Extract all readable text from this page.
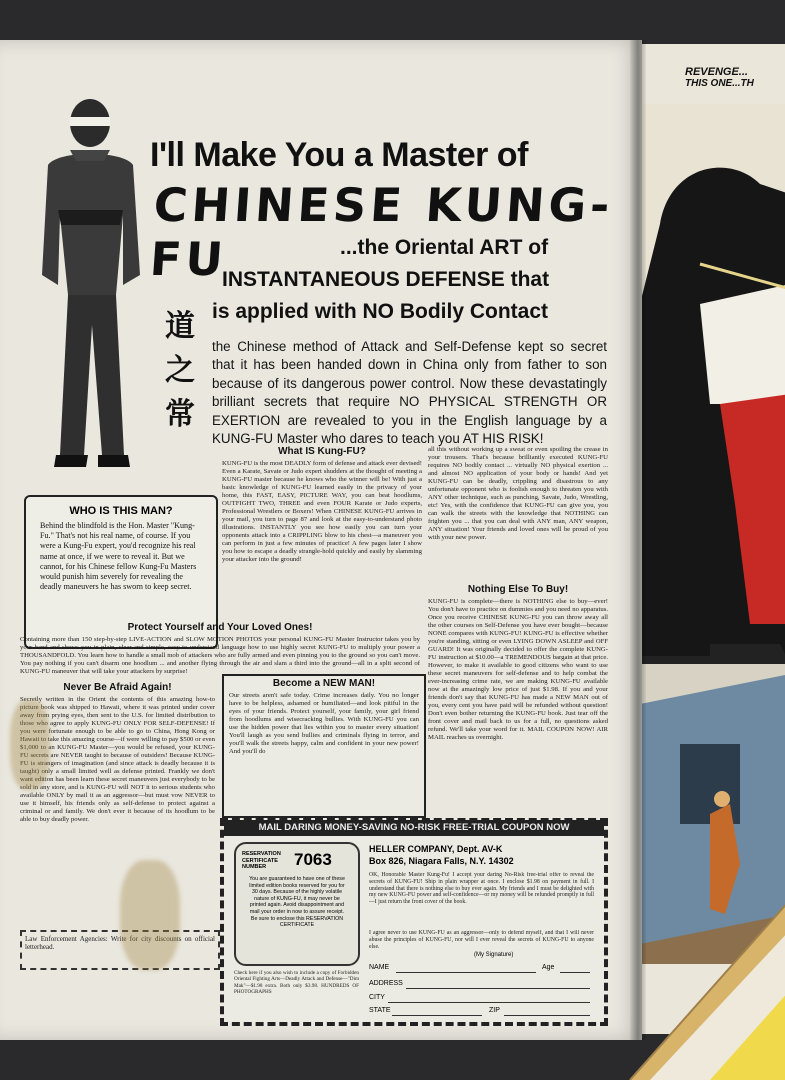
REVENGE...
THIS ONE...TH
道
之
常
I'll Make You a Master of
CHINESE KUNG-FU	...the Oriental ART of
INSTANTANEOUS DEFENSE that
is applied with NO Bodily Contact
the Chinese method of Attack and Self-Defense kept so secret that it has been handed down in China only from father to son because of its dangerous power control. Now these devastatingly brilliant secrets that require NO PHYSICAL STRENGTH OR EXERTION are revealed to you in the English language by a KUNG-FU Master who dares to teach you AT HIS RISK!
WHO IS THIS MAN?
Behind the blindfold is the Hon. Master "Kung-Fu." That's not his real name, of course. If you were a Kung-Fu expert, you'd recognize his real name at once, if we were to reveal it. But we cannot, for his Chinese fellow Kung-Fu Masters would punish him severely for revealing the deadly maneuvers he has sworn to keep secret.
What IS Kung-FU?
KUNG-FU is the most DEADLY form of defense and attack ever devised! Even a Karate, Savate or Judo expert shudders at the thought of meeting a KUNG-FU master because he knows who the winner will be! With just a basic knowledge of KUNG-FU learned easily in the privacy of your home, this FAST, EASY, PICTURE WAY, you can beat hoodlums, OUTFIGHT TWO, THREE and even FOUR Karate or Judo experts, Professional Wrestlers or Boxers! When CHINESE KUNG-FU arrives in your mail, you turn to page 87 and look at the easy-to-understand photo illustrations. INSTANTLY you see how easily you can turn your opponents attack into a CRIPPLING blow to his chest—a maneuver you can perform in just a few minutes of practice! A few pages later I show you how to escape a deadly strangle-hold quickly and easily by slamming your attacker into the ground!
all this without working up a sweat or even spoiling the crease in your trousers. That's because brilliantly executed KUNG-FU requires NO bodily contact ... virtually NO physical exertion ... and almost NO application of your body or hands! And yet KUNG-FU can be deadly, crippling and disastrous to any unfortunate opponent who is foolish enough to threaten you with ANY other technique, such as punching, Savate, Judo, Wrestling, etc! Yes, with the confidence that KUNG-FU can give you, you can walk the streets with the knowledge that NOTHING can frighten you ... that you can deal with ANY man, ANY weapon, ANY situation! Your friends and loved ones will be proud of you with your new power.
Nothing Else To Buy!
KUNG-FU is complete—there is NOTHING else to buy—ever! You don't have to practice on dummies and you need no apparatus. Once you receive CHINESE KUNG-FU you can throw away all the other courses on Self-Defense you have ever bought—because NONE compares with KUNG-FU! KUNG-FU is effective whether you're standing, sitting or even LYING DOWN ASLEEP and OFF GUARD! It was originally decided to offer the complete KUNG-FU instruction at $10.00—a TREMENDOUS bargain at that price. However, to make it available to good citizens who want to use these secret maneuvers for self-defense and to help combat the ever-increasing crime rate, we are making KUNG-FU available now at the amazingly low price of just $1.98. If you and your friends don't say that KUNG-FU has made a NEW MAN out of you, every cent you have paid will be refunded without question! Don't even bother returning the KUNG-FU book. Just tear off the front cover and mail back to us for a full, no questions asked refund. We'll take your word for it. MAIL COUPON NOW! AIR MAIL reaches us overnight.
Protect Yourself and Your Loved Ones!
Containing more than 150 step-by-step LIVE-ACTION and SLOW MOTION PHOTOS your personal KUNG-FU Master Instructor takes you by your hand and shows you in plain, clear and simple, easy to understand language how to use highly secret KUNG-FU to multiply your power a THOUSANDFOLD. You learn how to handle a small mob of attackers who are fully armed and even pinning you to the ground so you can't move. You pay nothing if you can't disarm one hoodlum ... and another flying through the air and slam a third into the ground—all in a split second of KUNG-FU maneuver that will take your attackers by surprise!
Never Be Afraid Again!
Secretly written in the Orient the contents of this amazing how-to picture book was shipped to Hawaii, where it was printed under cover away from prying eyes, then sent to the U.S. for limited distribution to those who agree to apply KUNG-FU ONLY FOR SELF-DEFENSE! If you were fortunate enough to be able to go to China, Hong Kong or Hawaii to take this amazing course—if were willing to pay $500 or even $1,000 to an KUNG-FU Master—you would be refused, your KUNG-FU secrets are NEVER taught to because of outsiders! Because KUNG-FU is strangers of imagination (and since attack is deadly because it is taught) only a small limited well as defense printed. Frankly we don't want edition has been learn these secret maneuvers just everybody to be sold in any store, and is KUNG-FU will NOT it to serious students who available ONLY by mail it as an aggressor—but must vow NEVER to use it himself, his friends only as self-defense to protect against a criminal or and family. We don't ever it because of its hoodlum to be able to buy deadly power.
Law Enforcement Agencies: Write for city discounts on official letterhead.
Become a NEW MAN!
Our streets aren't safe today. Crime increases daily. You no longer have to be helpless, ashamed or humiliated—and look pitiful in the eyes of your friends. Protect yourself, your family, your girl friend from hoodlums and wisecracking bullies. With KUNG-FU you can use the hidden power that lies within you to master every situation! You'll laugh as you send bullies and criminals flying in terror, and you'll walk the streets happy, calm and confident in your new power! And you'll do
MAIL DARING MONEY-SAVING NO-RISK FREE-TRIAL COUPON NOW
RESERVATION CERTIFICATE NUMBER	7063
You are guaranteed to have one of these limited edition books reserved for you for 30 days. Because of the highly volatile nature of KUNG-FU, it may never be printed again. Avoid disappointment and mail your order in now to assure receipt. Be sure to enclose this RESERVATION CERTIFICATE
Check here if you also wish to include a copy of Forbidden Oriental Fighting Arts—Deadly Attack and Defense—"Dim Mak"—$1.98 extra. Both only $3.98. HUNDREDS OF PHOTOGRAPHS
HELLER COMPANY, Dept. AV-K
Box 826, Niagara Falls, N.Y. 14302
OK, Honorable Master Kung-Fu! I accept your daring No-Risk free-trial offer to reveal the secrets of KUNG-FU! Ship in plain wrapper at once. I enclose $1.98 on payment in full. I understand that there is nothing else to buy ever again. My friends and I must be delighted with my new KUNG-FU power and self-confidence—or my money will be refunded promptly in full—I just return the front cover of the book.
I agree never to use KUNG-FU as an aggressor—only to defend myself, and that I will never abuse the principles of KUNG-FU, nor will I ever reveal the secrets of KUNG-FU to anyone else.
(My Signature)
NAME	Age
ADDRESS
CITY
STATE	ZIP
